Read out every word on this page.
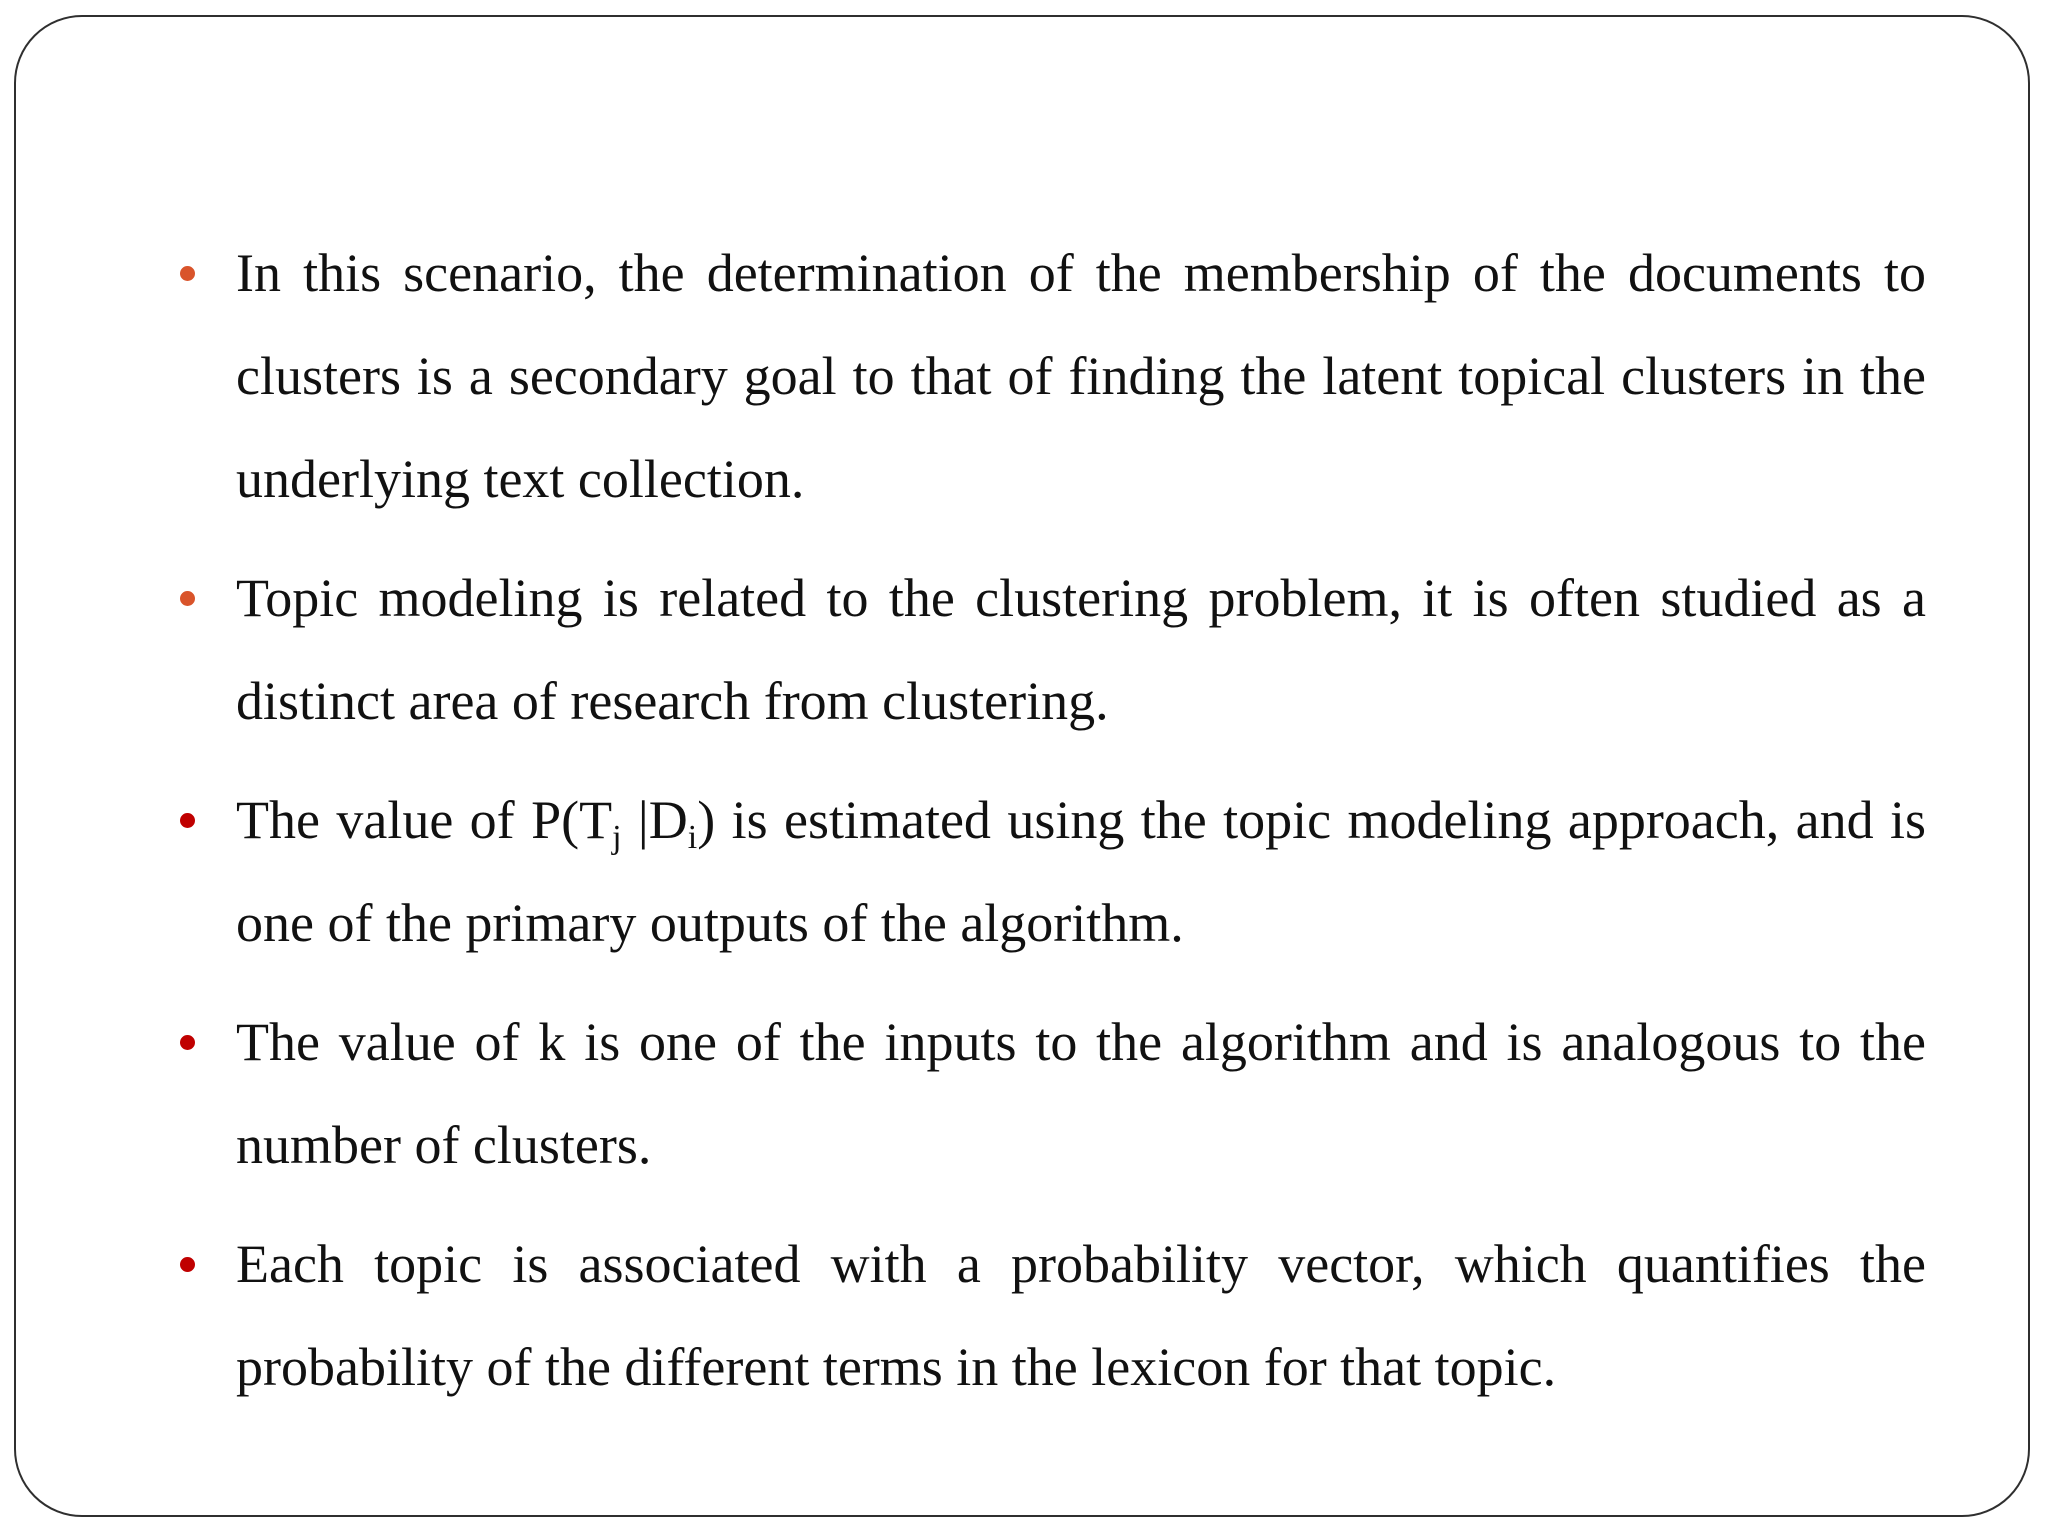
In this scenario, the determination of the membership of the documents to clusters is a secondary goal to that of finding the latent topical clusters in the underlying text collection.
Topic modeling is related to the clustering problem, it is often studied as a distinct area of research from clustering.
The value of $P(T_j$ $|D_i$) is estimated using the topic modeling approach, and is one of the primary outputs of the algorithm.
The value of k is one of the inputs to the algorithm and is analogous to the number of clusters.
Each topic is associated with a probability vector, which quantifies the probability of the different terms in the lexicon for that topic.
